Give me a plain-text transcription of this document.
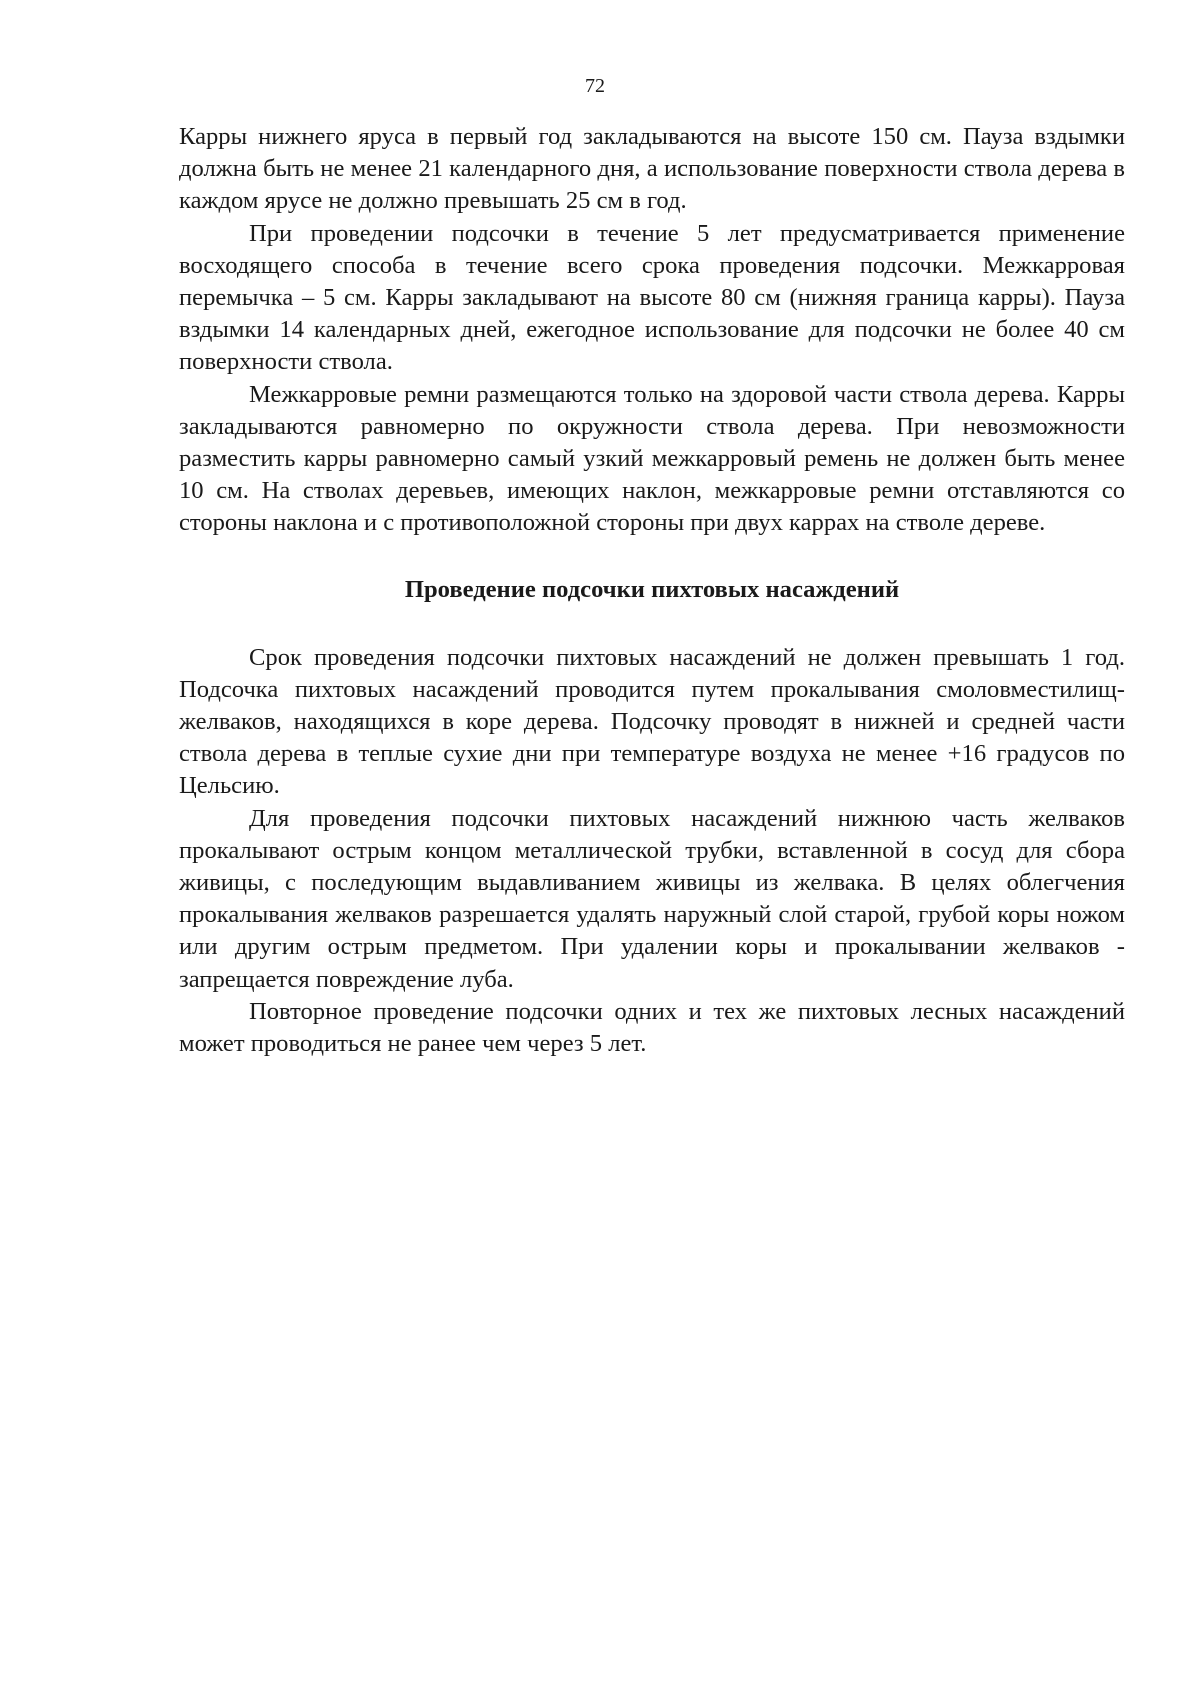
72

Карры нижнего яруса в первый год закладываются на высоте 150 см. Пауза вздымки должна быть не менее 21 календарного дня, а использование поверхности ствола дерева в каждом ярусе не должно превышать 25 см в год.

При проведении подсочки в течение 5 лет предусматривается применение восходящего способа в течение всего срока проведения подсочки. Межкарровая перемычка – 5 см. Карры закладывают на высоте 80 см (нижняя граница карры). Пауза вздымки 14 календарных дней, ежегодное использование для подсочки не более 40 см поверхности ствола.

Межкарровые ремни размещаются только на здоровой части ствола дерева. Карры закладываются равномерно по окружности ствола дерева. При невозможности разместить карры равномерно самый узкий межкарровый ремень не должен быть менее 10 см. На стволах деревьев, имеющих наклон, межкарровые ремни отставляются со стороны наклона и с противоположной стороны при двух каррах на стволе дереве.

Проведение подсочки пихтовых насаждений

Срок проведения подсочки пихтовых насаждений не должен превышать 1 год. Подсочка пихтовых насаждений проводится путем прокалывания смоловместилищ-желваков, находящихся в коре дерева. Подсочку проводят в нижней и средней части ствола дерева в теплые сухие дни при температуре воздуха не менее +16 градусов по Цельсию.

Для проведения подсочки пихтовых насаждений нижнюю часть желваков прокалывают острым концом металлической трубки, вставленной в сосуд для сбора живицы, с последующим выдавливанием живицы из желвака. В целях облегчения прокалывания желваков разрешается удалять наружный слой старой, грубой коры ножом или другим острым предметом. При удалении коры и прокалывании желваков - запрещается повреждение луба.

Повторное проведение подсочки одних и тех же пихтовых лесных насаждений может проводиться не ранее чем через 5 лет.
